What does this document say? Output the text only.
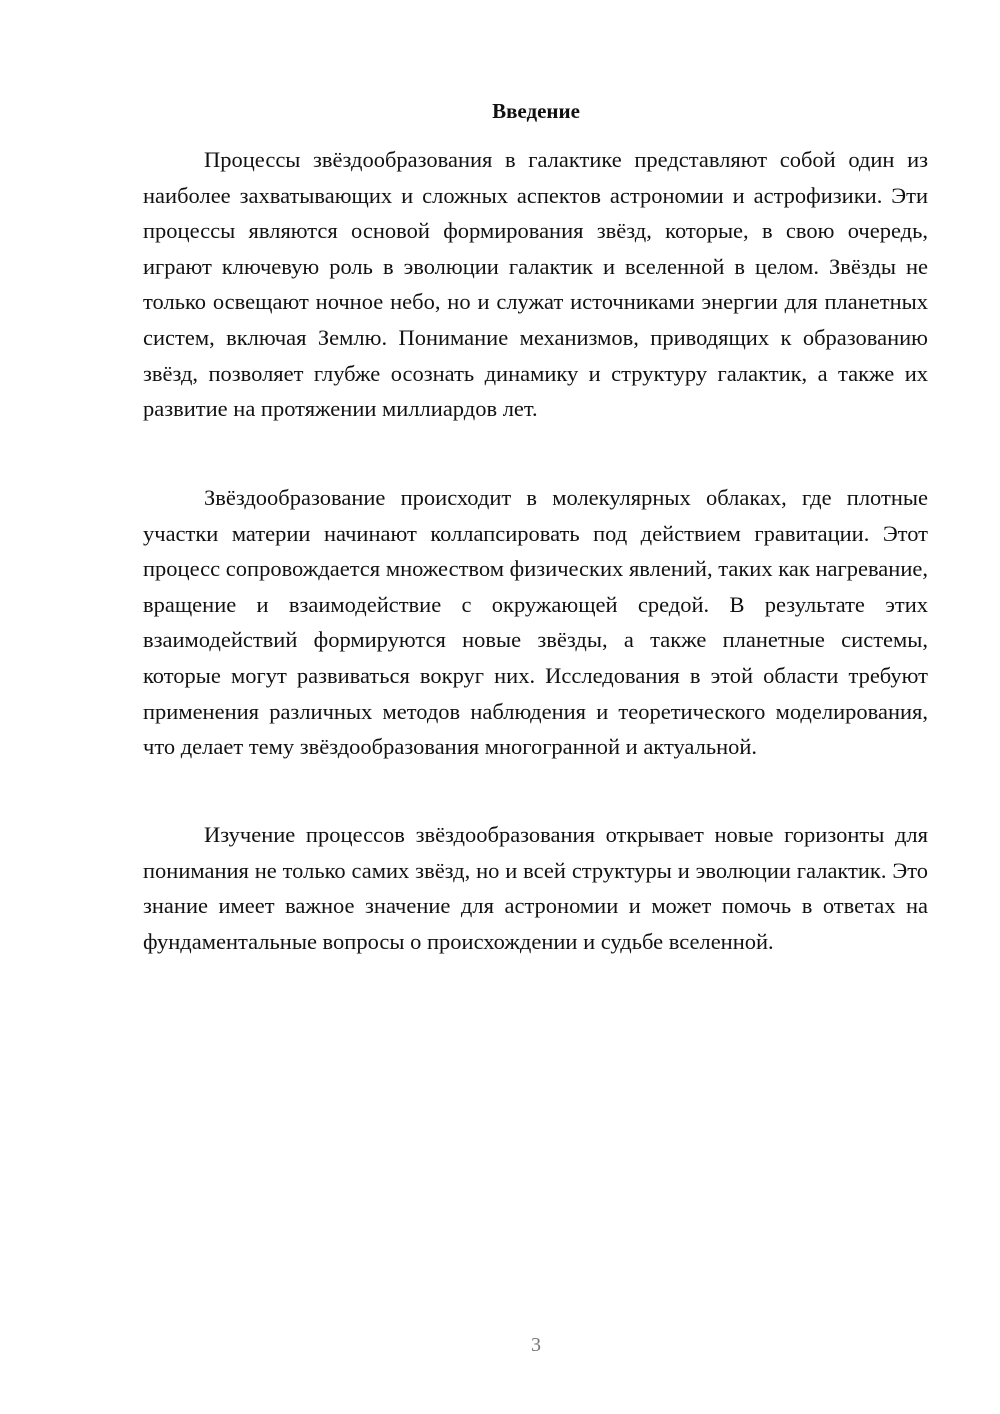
Введение

Процессы звёздообразования в галактике представляют собой один из наиболее захватывающих и сложных аспектов астрономии и астрофизики. Эти процессы являются основой формирования звёзд, которые, в свою очередь, играют ключевую роль в эволюции галактик и вселенной в целом. Звёзды не только освещают ночное небо, но и служат источниками энергии для планетных систем, включая Землю. Понимание механизмов, приводящих к образованию звёзд, позволяет глубже осознать динамику и структуру галактик, а также их развитие на протяжении миллиардов лет.

Звёздообразование происходит в молекулярных облаках, где плотные участки материи начинают коллапсировать под действием гравитации. Этот процесс сопровождается множеством физических явлений, таких как нагревание, вращение и взаимодействие с окружающей средой. В результате этих взаимодействий формируются новые звёзды, а также планетные системы, которые могут развиваться вокруг них. Исследования в этой области требуют применения различных методов наблюдения и теоретического моделирования, что делает тему звёздообразования многогранной и актуальной.

Изучение процессов звёздообразования открывает новые горизонты для понимания не только самих звёзд, но и всей структуры и эволюции галактик. Это знание имеет важное значение для астрономии и может помочь в ответах на фундаментальные вопросы о происхождении и судьбе вселенной.

3
